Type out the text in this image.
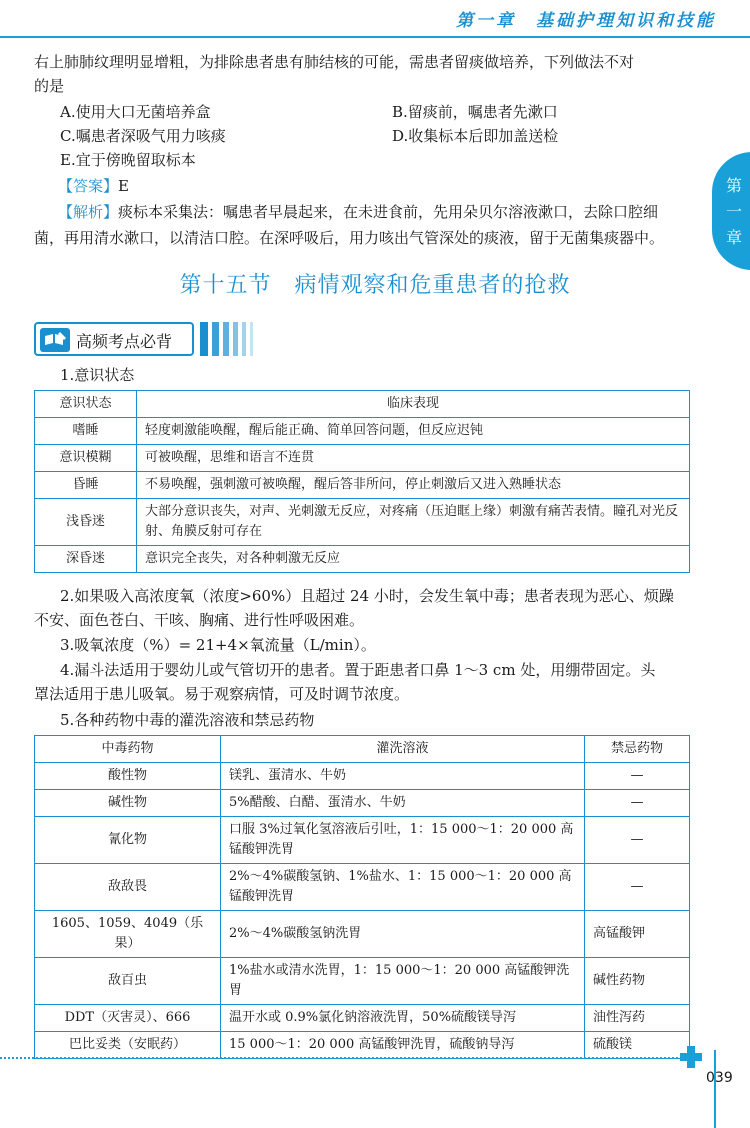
第一章　基础护理知识和技能
第
一
章
右上肺肺纹理明显增粗，为排除患者患有肺结核的可能，需患者留痰做培养，下列做法不对
的是
A.使用大口无菌培养盒	B.留痰前，嘱患者先漱口
C.嘱患者深吸气用力咳痰	D.收集标本后即加盖送检
E.宜于傍晚留取标本
【答案】E
【解析】痰标本采集法：嘱患者早晨起来，在未进食前，先用朵贝尔溶液漱口，去除口腔细
菌，再用清水漱口，以清洁口腔。在深呼吸后，用力咳出气管深处的痰液，留于无菌集痰器中。
第十五节　病情观察和危重患者的抢救
高频考点必背
1.意识状态
意识状态	临床表现
嗜睡	轻度刺激能唤醒，醒后能正确、简单回答问题，但反应迟钝
意识模糊	可被唤醒，思维和语言不连贯
昏睡	不易唤醒，强刺激可被唤醒，醒后答非所问，停止刺激后又进入熟睡状态
浅昏迷	大部分意识丧失，对声、光刺激无反应，对疼痛（压迫眶上缘）刺激有痛苦表情。瞳孔对光反射、角膜反射可存在
深昏迷	意识完全丧失，对各种刺激无反应
2.如果吸入高浓度氧（浓度>60%）且超过 24 小时，会发生氧中毒；患者表现为恶心、烦躁
不安、面色苍白、干咳、胸痛、进行性呼吸困难。
3.吸氧浓度（%）= 21+4×氧流量（L/min）。
4.漏斗法适用于婴幼儿或气管切开的患者。置于距患者口鼻 1～3 cm 处，用绷带固定。头
罩法适用于患儿吸氧。易于观察病情，可及时调节浓度。
5.各种药物中毒的灌洗溶液和禁忌药物
中毒药物	灌洗溶液	禁忌药物
酸性物	镁乳、蛋清水、牛奶	—
碱性物	5%醋酸、白醋、蛋清水、牛奶	—
氰化物	口服 3%过氧化氢溶液后引吐，1：15 000～1：20 000 高锰酸钾洗胃	—
敌敌畏	2%～4%碳酸氢钠、1%盐水、1：15 000～1：20 000 高锰酸钾洗胃	—
1605、1059、4049（乐果）	2%～4%碳酸氢钠洗胃	高锰酸钾
敌百虫	1%盐水或清水洗胃，1：15 000～1：20 000 高锰酸钾洗胃	碱性药物
DDT（灭害灵）、666	温开水或 0.9%氯化钠溶液洗胃，50%硫酸镁导泻	油性泻药
巴比妥类（安眠药）	15 000～1：20 000 高锰酸钾洗胃，硫酸钠导泻	硫酸镁
039
